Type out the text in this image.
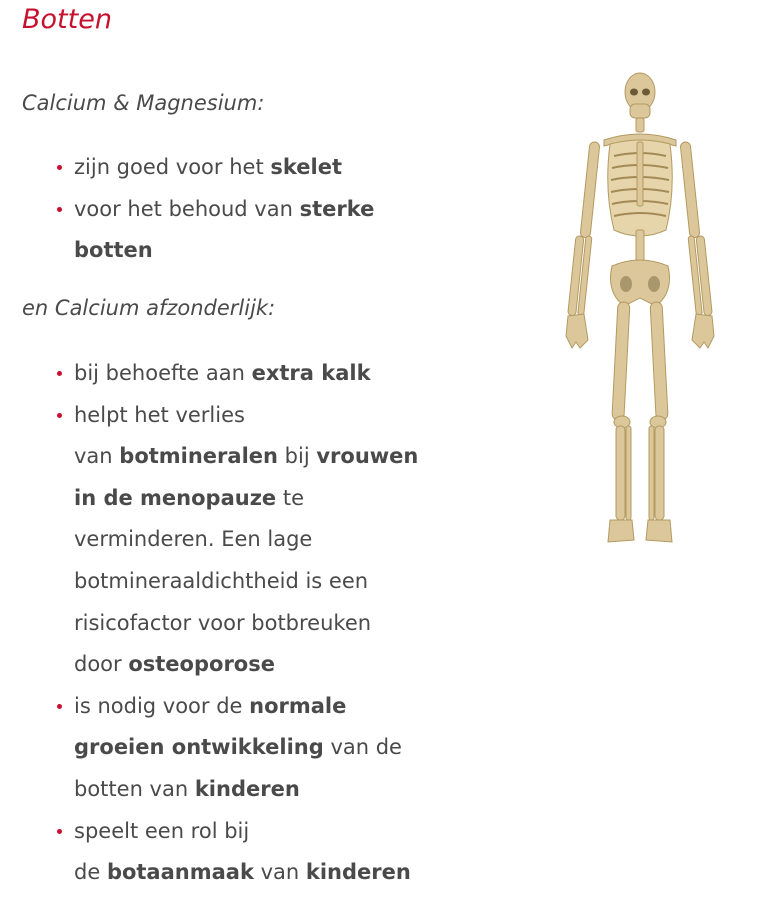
Botten

Calcium & Magnesium:

zijn goed voor het skelet
voor het behoud van sterke
botten

en Calcium afzonderlijk:

bij behoefte aan extra kalk
helpt het verlies
van botmineralen bij vrouwen
in de menopauze te
verminderen. Een lage
botmineraaldichtheid is een
risicofactor voor botbreuken
door osteoporose
is nodig voor de normale
groeien ontwikkeling van de
botten van kinderen
speelt een rol bij
de botaanmaak van kinderen
